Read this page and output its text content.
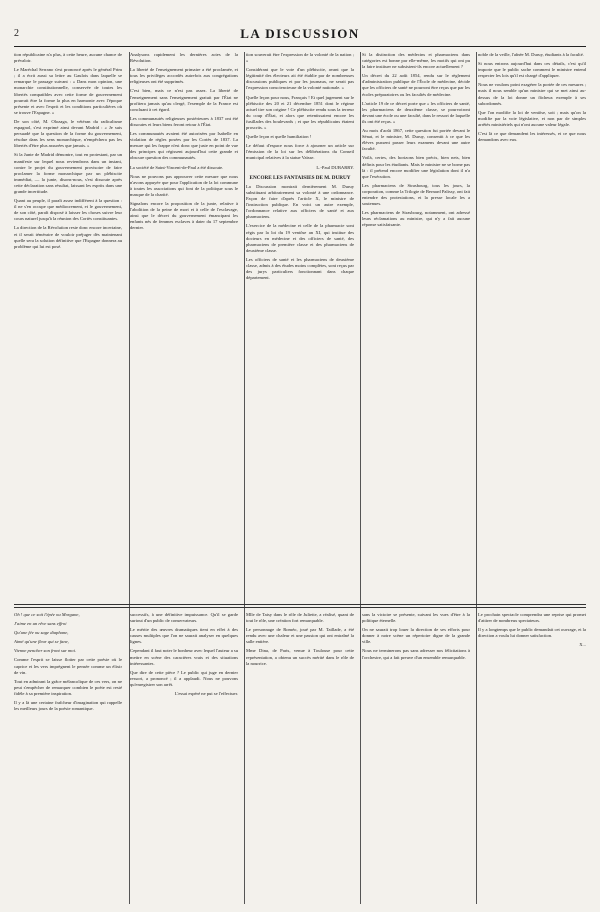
2	LA DISCUSSION

tion républicaine n'a plus, à cette heure, aucune chance de prévaloir.

Le Maréchal Serrano s'est prononcé après le général Prim ; il a écrit aussi sa lettre au Gaulois dans laquelle se remarque le passage suivant : « Dans mon opinion, une monarchie constitutionnelle, conservée de toutes les libertés compatibles avec cette forme de gouvernement pourrait être la forme la plus en harmonie avec l'époque présente et avec l'esprit et les conditions particulières où se trouve l'Espagne. »

De son côté, M. Olozaga, le vétéran du radicalisme espagnol, s'est exprimé ainsi devant Madrid : « Je suis persuadé que la question de la forme du gouvernement, résolue dans les sens monarchique, n'empêchera pas les libertés d'être plus assurées que jamais. »

Si la Junte de Madrid démontre, tout en protestant, par un manifeste sur lequel nous reviendrons dans un instant, contre le projet du gouvernement provisoire de faire proclamer la forme monarchique par un plébiscite immédiat, — la junte, disons-nous, s'est dissoute après cette déclaration sans résultat, laissant les esprits dans une grande incertitude.

Quant au peuple, il paraît assez indifférent à la question : il ne s'en occupe que médiocrement, et le gouvernement, de son côté, paraît disposé à laisser les choses suivre leur cours naturel jusqu'à la réunion des Cortès constituantes.

La direction de la Révolution reste donc encore incertaine, et il serait téméraire de vouloir préjuger dès maintenant quelle sera la solution définitive que l'Espagne donnera au problème qui lui est posé.

Analysons rapidement les dernières actes de la Révolution.

La liberté de l'enseignement primaire a été proclamée, et tous les privilèges accordés autrefois aux congrégations religieuses ont été supprimés.

C'est bien, mais ce n'est pas assez. La liberté de l'enseignement sans l'enseignement gratuit par l'État ne profitera jamais qu'au clergé, l'exemple de la France est concluant à cet égard.

Les communautés religieuses postérieures à 1837 ont été dissoutes et leurs biens feront retour à l'État.

Les communautés avaient été autorisées par Isabelle en violation de règles posées par les Cortès de 1837. La mesure qui les frappe n'est donc que juste en point de vue des principes qui régissent aujourd'hui cette grande et obscure question des communautés.

La société de Saint-Vincent-de-Paul a été dissoute.

Nous ne pouvons pas approuver cette mesure que nous n'avons appuyée que pour l'application de la loi commune à toutes les associations qui font de la politique sous le masque de la charité.

Signalons encore la proposition de la junte, relative à l'abolition de la peine de mort et à celle de l'esclavage, ainsi que le décret du gouvernement émancipant les enfants nés de femmes esclaves à dater du 17 septembre dernier.

tion souverait être l'expression de la volonté de la nation ; »

Considérant que le vote d'un plébiscite, avant que la légitimité des électeurs ait été établie par de nombreuses discussions publiques et par les journaux, ne serait pas l'expression consciencieuse de la volonté nationale. »

Quelle leçon pour nous, Français ! Et quel jugement sur le plébiscite des 20 et 21 décembre 1851 dont le régime actuel tire son origine ! Ce plébiscite rendu sous la terreur du coup d'État, et alors que retentissaient encore les fusillades des boulevards ; et que les républicains étaient proscrits. »

Quelle leçon et quelle humiliation !

Le défaut d'espace nous force à ajourner un article sur l'émission de la loi sur les délibérations du Conseil municipal relatives à la statue Vaïsse.

L.-Paul DUBARRY.
ENCORE LES FANTAISIES DE M. DURUY

La Discussion montrait dernièrement M. Duruy substituant arbitrairement sa volonté à une ordonnance. Façon de faire d'après l'article X, le ministre de l'instruction publique. En voici un autre exemple, l'ordonnance relative aux officiers de santé et aux pharmaciens.

L'exercice de la médecine et celle de la pharmacie sont régis par la loi du 19 ventôse an XI, qui institue des docteurs en médecine et des officiers de santé, des pharmaciens de première classe et des pharmaciens de deuxième classe.

Les officiers de santé et les pharmaciens de deuxième classe, admis à des études moins complètes, sont reçus par des jurys particuliers fonctionnant dans chaque département.

Si la distinction des médecins et pharmaciens dans catégories est bonne par elle-même, les motifs qui ont pu la faire instituer ne subsistent-ils encore actuellement ?

Un décret du 22 août 1854, rendu sur le règlement d'administration publique de l'École de médecine, décide que les officiers de santé ne pourront être reçus que par les écoles préparatoires ou les facultés de médecine.

L'article 19 de ce décret porte que « les officiers de santé, les pharmaciens de deuxième classe, se pourvoiront devant une école ou une faculté, dans le ressort de laquelle ils ont été reçus. »

Au mois d'août 1867, cette question fut portée devant le Sénat, et le ministre, M. Duruy, consentit à ce que les élèves pussent passer leurs examens devant une autre faculté.

Voilà, certes, des horizons bien précis, bien nets, bien définis pour les étudiants. Mais le ministre ne se borne pas là : il prétend encore modifier une législation dont il n'a que l'exécution.

Les pharmaciens de Strasbourg, tous les jours, la corporation, comme la Trilogie de Bernard Palissy, ont fait entendre des protestations, et la presse locale les a soutenues.

Les pharmaciens de Strasbourg, notamment, ont adressé leurs réclamations au ministre, qui n'y a fait aucune réponse satisfaisante.

noble de la veille, l'aînée M. Duruy, étudiants à la faculté.

Si nous entrons aujourd'hui dans ces détails, c'est qu'il importe que le public sache comment le ministre entend respecter les lois qu'il est chargé d'appliquer.

Nous ne voulons point exagérer la portée de ces mesures ; mais il nous semble qu'un ministre qui se met ainsi au-dessus de la loi donne un fâcheux exemple à ses subordonnés.

Que l'on modifie la loi de ventôse, soit ; mais qu'on la modifie par la voie législative, et non par de simples arrêtés ministériels qui n'ont aucune valeur légale.

C'est là ce que demandent les intéressés, et ce que nous demandons avec eux.

Oh ! que ce soit l'épée ou Morgane,

J'aime en un rêve sans effroi

Qu'une fée ou sage diaphane,

Aimé qu'une fleur qui se fane,

Vienne pencher son front sur moi.

Comme l'esprit se laisse flotter par cette poésie où le caprice et les vers imprègnent le pensée comme un élixir de vin.

Tout en admirant la grâce mélancolique de ces vers, on ne peut s'empêcher de remarquer combien le poète est resté fidèle à sa première inspiration.

Il y a là une certaine fraîcheur d'imagination qui rappelle les meilleurs jours de la poésie romantique.

successifs, à une définitive impuissance. Qu'il se garde surtout d'un public de conservateurs.

Le mérite des œuvres dramatiques tient en effet à des causes multiples que l'on ne saurait analyser en quelques lignes.

Cependant il faut noter le bonheur avec lequel l'auteur a su mettre en scène des caractères vrais et des situations intéressantes.

Que dire de cette pièce ? Le public qui juge en dernier ressort, a prononcé ; il a applaudi. Nous ne pouvons qu'enregistrer son arrêt.

L'essai espéré ne put se l'effectuer.

Mlle de Taisy dans le rôle de Juliette, a réalisé, quant de tout le rôle, une création fort remarquable.

Le personnage de Roméo, joué par M. Taillade, a été rendu avec une chaleur et une passion qui ont entraîné la salle entière.

Mme Dina, de Paris, venue à Toulouse pour cette représentation, a obtenu un succès mérité dans le rôle de la nourrice.

sans la victoire se présente, suivant les vues d'être à la politique éternelle.

On ne saurait trop louer la direction de ses efforts pour donner à notre scène un répertoire digne de la grande ville.

Nous ne terminerons pas sans adresser nos félicitations à l'orchestre, qui a fait preuve d'un ensemble remarquable.

Le prochain spectacle comprendra une reprise qui promet d'attirer de nombreux spectateurs.

Il y a longtemps que le public demandait cet ouvrage, et la direction a voulu lui donner satisfaction.

X...
